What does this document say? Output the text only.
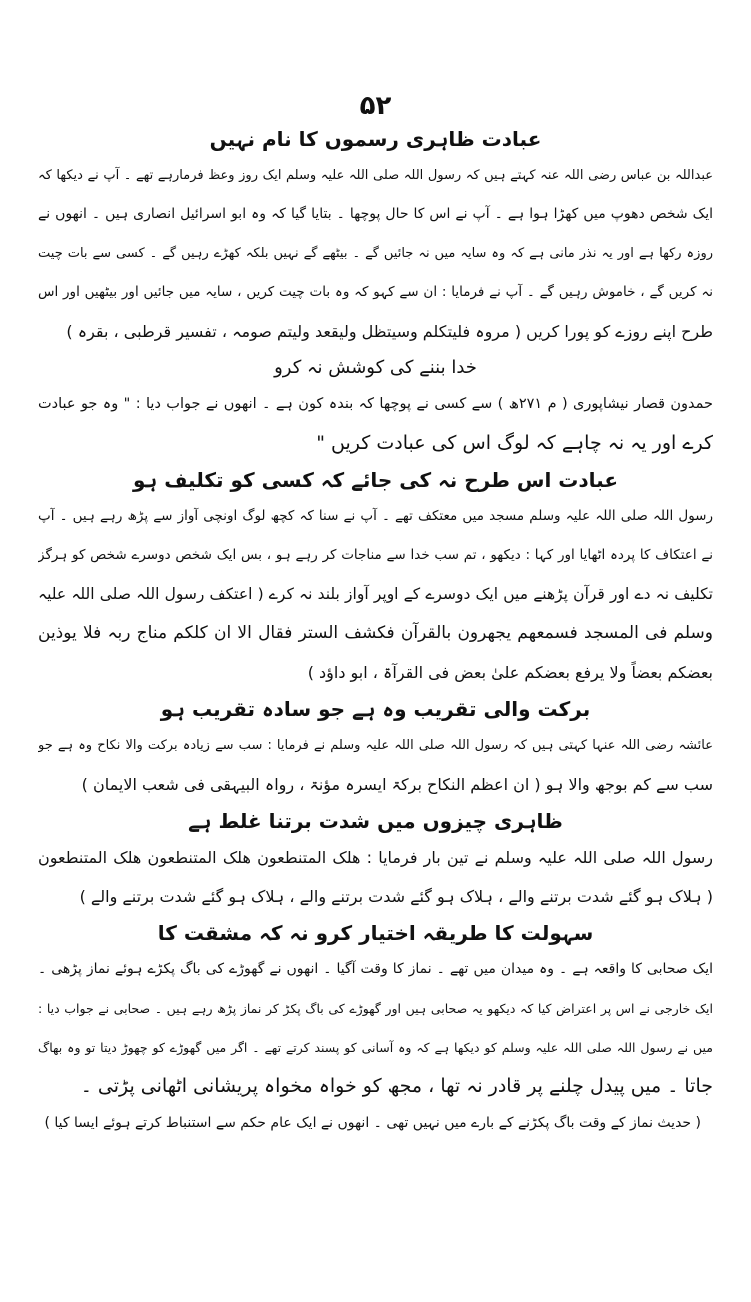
۵۲
عبادت ظاہری رسموں کا نام نہیں
عبداللہ بن عباس رضی اللہ عنہ کہتے ہیں کہ رسول اللہ صلی اللہ علیہ وسلم ایک روز وعظ فرمارہے تھے ۔ آپ نے دیکھا کہ
ایک شخص دھوپ میں کھڑا ہوا ہے ۔ آپ نے اس کا حال پوچھا ۔ بتایا گیا کہ وہ ابو اسرائیل انصاری ہیں ۔ انھوں نے
روزہ رکھا ہے اور یہ نذر مانی ہے کہ وہ سایہ میں نہ جائیں گے ۔ بیٹھے گے نہیں بلکہ کھڑے رہیں گے ۔ کسی سے بات چیت
نہ کریں گے ، خاموش رہیں گے ۔ آپ نے فرمایا : ان سے کہو کہ وہ بات چیت کریں ، سایہ میں جائیں اور بیٹھیں اور اس
طرح اپنے روزے کو پورا کریں ( مروہ فلیتکلم وسیتظل ولیقعد ولیتم صومہ ، تفسیر قرطبی ، بقرہ )
خدا بننے کی کوشش نہ کرو
حمدون قصار نیشاپوری ( م ۲۷۱ھ ) سے کسی نے پوچھا کہ بندہ کون ہے ۔ انھوں نے جواب دیا : " وہ جو عبادت
کرے اور یہ نہ چاہے کہ لوگ اس کی عبادت کریں "
عبادت اس طرح نہ کی جائے کہ کسی کو تکلیف ہو
رسول اللہ صلی اللہ علیہ وسلم مسجد میں معتکف تھے ۔ آپ نے سنا کہ کچھ لوگ اونچی آواز سے پڑھ رہے ہیں ۔ آپ
نے اعتکاف کا پردہ اٹھایا اور کہا : دیکھو ، تم سب خدا سے مناجات کر رہے ہو ، بس ایک شخص دوسرے شخص کو ہرگز
تکلیف نہ دے اور قرآن پڑھنے میں ایک دوسرے کے اوپر آواز بلند نہ کرے ( اعتکف رسول اللہ صلی اللہ علیہ
وسلم فی المسجد فسمعھم یجھرون بالقرآن فکشف الستر فقال الا ان کلکم مناج ربہ فلا یوذین
بعضکم بعضاً ولا یرفع بعضکم علیٰ بعض فی القرآۃ ، ابو داؤد )
برکت والی تقریب وہ ہے جو سادہ تقریب ہو
عائشہ رضی اللہ عنہا کہتی ہیں کہ رسول اللہ صلی اللہ علیہ وسلم نے فرمایا : سب سے زیادہ برکت والا نکاح وہ ہے جو
سب سے کم بوجھ والا ہو ( ان اعظم النکاح برکۃ ایسرہ مؤنۃ ، رواہ البیہقی فی شعب الایمان )
ظاہری چیزوں میں شدت برتنا غلط ہے
رسول اللہ صلی اللہ علیہ وسلم نے تین بار فرمایا : ھلک المتنطعون ھلک المتنطعون ھلک المتنطعون
( ہلاک ہو گئے شدت برتنے والے ، ہلاک ہو گئے شدت برتنے والے ، ہلاک ہو گئے شدت برتنے والے )
سہولت کا طریقہ اختیار کرو نہ کہ مشقت کا
ایک صحابی کا واقعہ ہے ۔ وہ میدان میں تھے ۔ نماز کا وقت آگیا ۔ انھوں نے گھوڑے کی باگ پکڑے ہوئے نماز پڑھی ۔
ایک خارجی نے اس پر اعتراض کیا کہ دیکھو یہ صحابی ہیں اور گھوڑے کی باگ پکڑ کر نماز پڑھ رہے ہیں ۔ صحابی نے جواب دیا :
میں نے رسول اللہ صلی اللہ علیہ وسلم کو دیکھا ہے کہ وہ آسانی کو پسند کرتے تھے ۔ اگر میں گھوڑے کو چھوڑ دیتا تو وہ بھاگ
جاتا ۔ میں پیدل چلنے پر قادر نہ تھا ، مجھ کو خواہ مخواہ پریشانی اٹھانی پڑتی ۔
( حدیث نماز کے وقت باگ پکڑنے کے بارے میں نہیں تھی ۔ انھوں نے ایک عام حکم سے استنباط کرتے ہوئے ایسا کیا )
